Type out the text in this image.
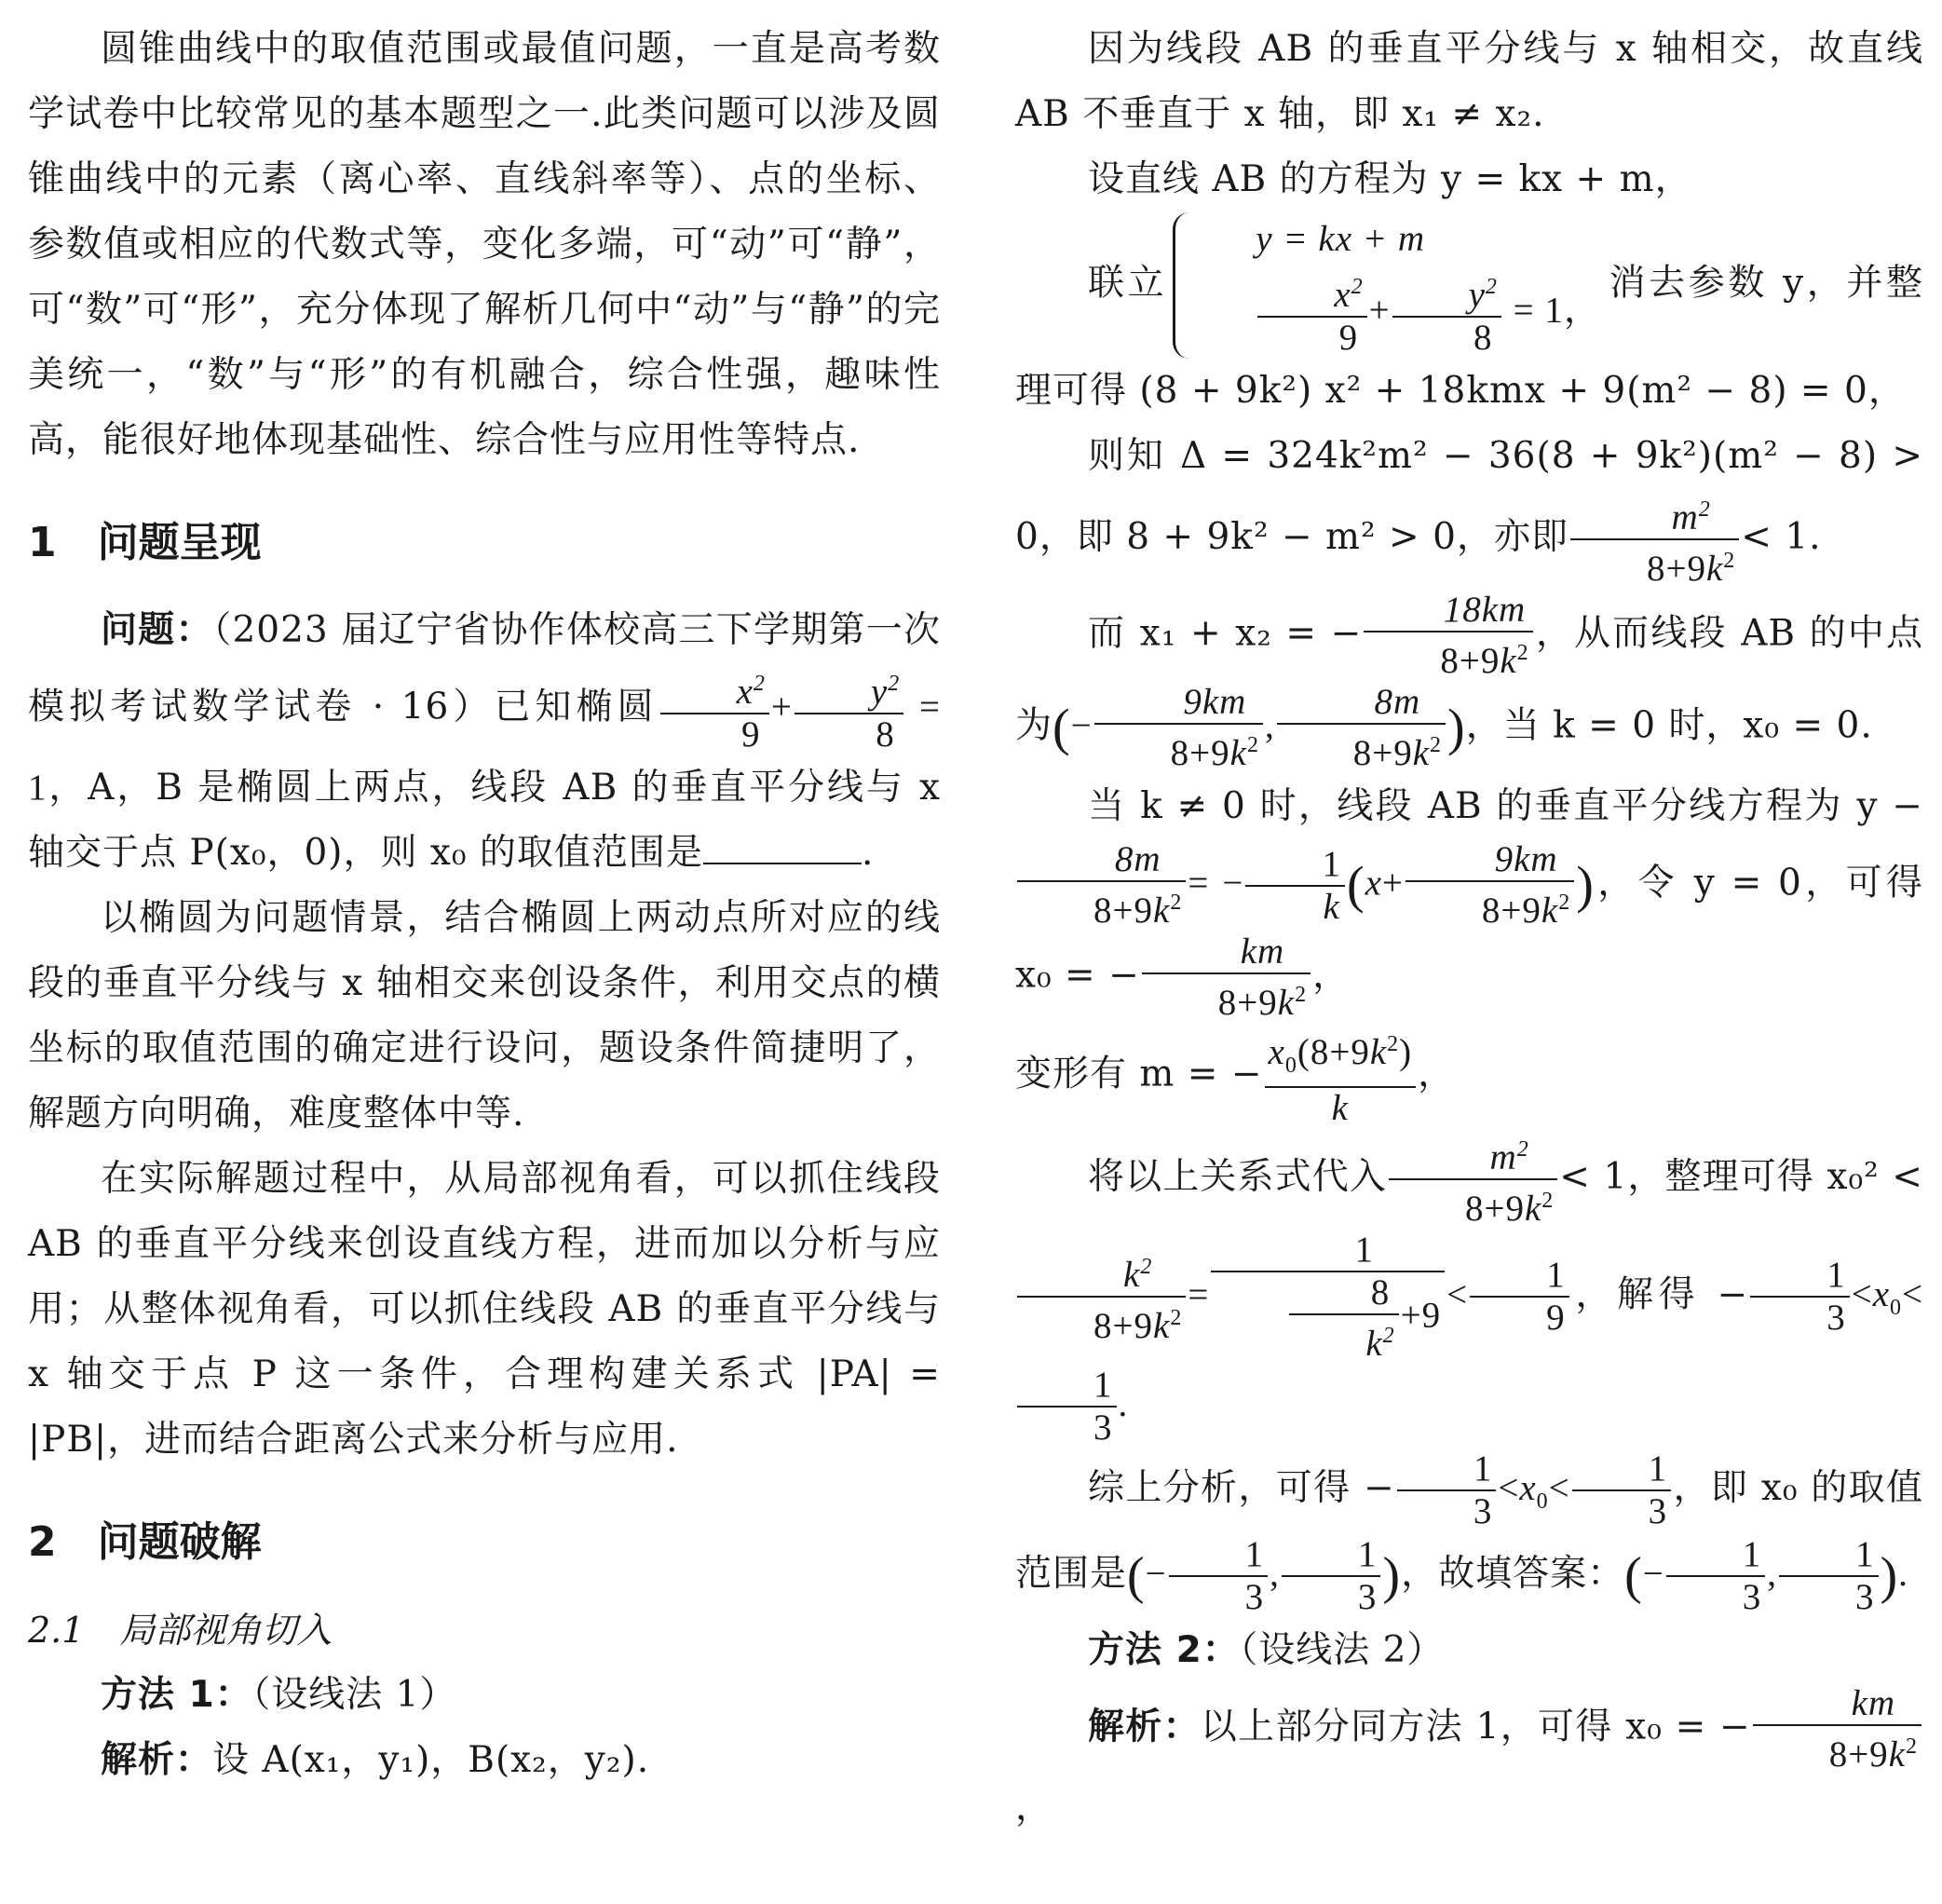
圆锥曲线中的取值范围或最值问题，一直是高考数学试卷中比较常见的基本题型之一.此类问题可以涉及圆锥曲线中的元素（离心率、直线斜率等）、点的坐标、参数值或相应的代数式等，变化多端，可“动”可“静”，可“数”可“形”，充分体现了解析几何中“动”与“静”的完美统一，“数”与“形”的有机融合，综合性强，趣味性高，能很好地体现基础性、综合性与应用性等特点.

1　问题呈现

问题：（2023 届辽宁省协作体校高三下学期第一次模拟考试数学试卷 · 16）已知椭圆 $\frac{x^2}{9} + \frac{y^2}{8} = 1$，A，B 是椭圆上两点，线段 AB 的垂直平分线与 x 轴交于点 P(x₀，0)，则 x₀ 的取值范围是	.

以椭圆为问题情景，结合椭圆上两动点所对应的线段的垂直平分线与 x 轴相交来创设条件，利用交点的横坐标的取值范围的确定进行设问，题设条件简捷明了，解题方向明确，难度整体中等.

在实际解题过程中，从局部视角看，可以抓住线段 AB 的垂直平分线来创设直线方程，进而加以分析与应用；从整体视角看，可以抓住线段 AB 的垂直平分线与 x 轴交于点 P 这一条件，合理构建关系式 |PA| = |PB|，进而结合距离公式来分析与应用.

2　问题破解
2.1　局部视角切入

方法 1：（设线法 1）

解析：设 A(x₁，y₁)，B(x₂，y₂).

因为线段 AB 的垂直平分线与 x 轴相交，故直线 AB 不垂直于 x 轴，即 x₁ ≠ x₂.

设直线 AB 的方程为 y = kx + m，

联立
y = kx + m
$\frac{x^2}{9} + \frac{y^2}{8} = 1$，
消去参数 y，并整理可得 (8 + 9k²) x² + 18kmx + 9(m² − 8) = 0，

则知 Δ = 324k²m² − 36(8 + 9k²)(m² − 8) > 0，即 8 + 9k² − m² > 0，亦即 $\frac{m^2}{8+9k^2} < 1$.

而 x₁ + x₂ = − $\frac{18km}{8+9k^2}$ ，从而线段 AB 的中点为(− $\frac{9km}{8+9k^2}$ , $\frac{8m}{8+9k^2}$ )，当 k = 0 时，x₀ = 0.

当 k ≠ 0 时，线段 AB 的垂直平分线方程为 y −
$\frac{8m}{8+9k^2}$ = − $\frac{1}{k} (x+ \frac{9km}{8+9k^2}$ )，令 y = 0，可得 x₀ = − $\frac{km}{8+9k^2}$ ，

变形有 m = − $\frac{x_0(8+9k^2)}{k}$ ，

将以上关系式代入 $\frac{m^2}{8+9k^2} < 1$，整理可得 x₀² <
$\frac{k^2}{8+9k^2} = \frac{1}{\frac{8}{k^2} +9} < \frac{1}{9}$ ，解得 − $\frac{1}{3} <x_0<$
$\frac{1}{3}$ .

综上分析，可得 − $\frac{1}{3} <x_0< \frac{1}{3}$ ，即 x₀ 的取值范围是(− $\frac{1}{3}$ , $\frac{1}{3}$ )，故填答案：(− $\frac{1}{3}$ , $\frac{1}{3}$ ).

方法 2：（设线法 2）

解析：以上部分同方法 1，可得 x₀ = − $\frac{km}{8+9k^2}$
，
